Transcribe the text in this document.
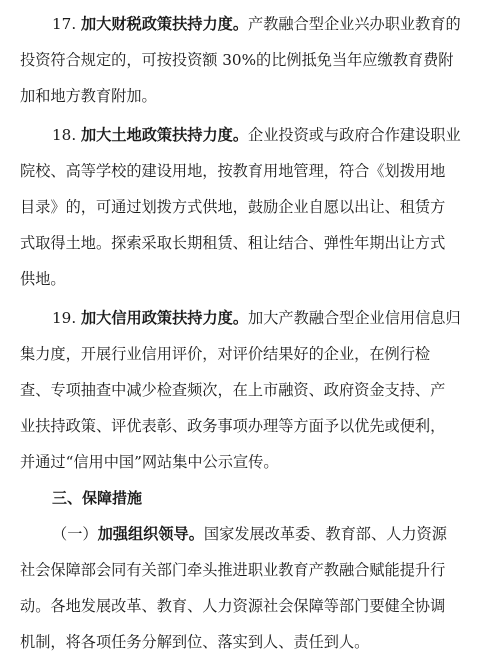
17. 加大财税政策扶持力度。产教融合型企业兴办职业教育的
投资符合规定的，可按投资额 30%的比例抵免当年应缴教育费附
加和地方教育附加。
18. 加大土地政策扶持力度。企业投资或与政府合作建设职业
院校、高等学校的建设用地，按教育用地管理，符合《划拨用地
目录》的，可通过划拨方式供地，鼓励企业自愿以出让、租赁方
式取得土地。探索采取长期租赁、租让结合、弹性年期出让方式
供地。
19. 加大信用政策扶持力度。加大产教融合型企业信用信息归
集力度，开展行业信用评价，对评价结果好的企业，在例行检
查、专项抽查中减少检查频次，在上市融资、政府资金支持、产
业扶持政策、评优表彰、政务事项办理等方面予以优先或便利，
并通过“信用中国”网站集中公示宣传。
三、保障措施
（一）加强组织领导。国家发展改革委、教育部、人力资源
社会保障部会同有关部门牵头推进职业教育产教融合赋能提升行
动。各地发展改革、教育、人力资源社会保障等部门要健全协调
机制，将各项任务分解到位、落实到人、责任到人。
